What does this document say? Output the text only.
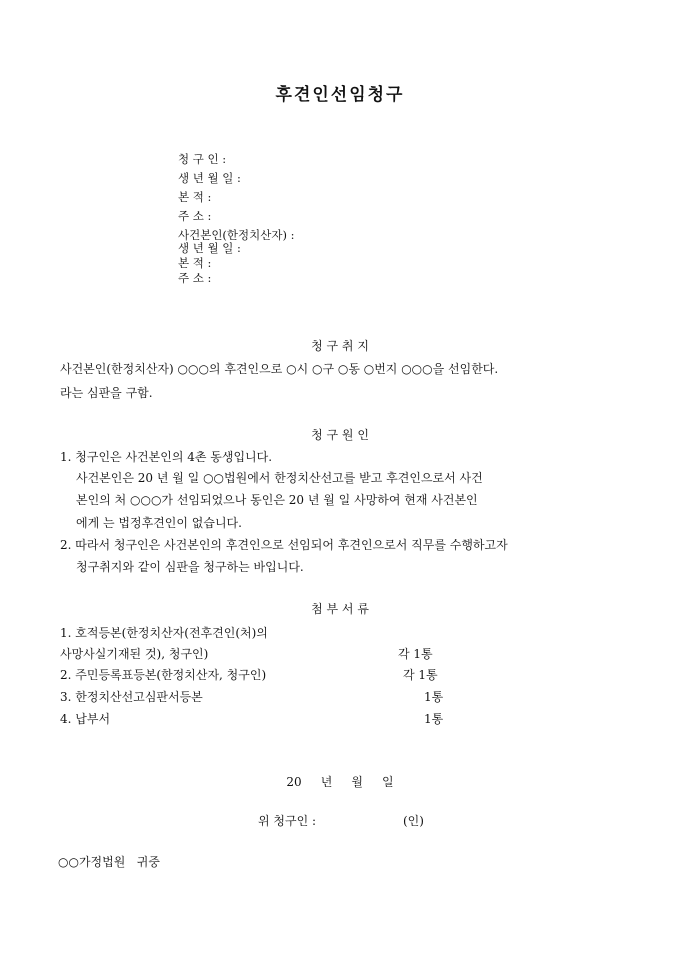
후견인선임청구
청 구 인 :
생 년 월 일 :
본 적 :
주 소 :
사건본인(한정치산자) :
생 년 월 일 :
본 적 :
주 소 :
청 구 취 지
사건본인(한정치산자) ○○○의 후견인으로 ○시 ○구 ○동 ○번지 ○○○을 선임한다.
라는 심판을 구함.
청 구 원 인
1. 청구인은 사건본인의 4촌 동생입니다.
사건본인은 20 년 월 일 ○○법원에서 한정치산선고를 받고 후견인으로서 사건
본인의 처 ○○○가 선임되었으나 동인은 20 년 월 일 사망하여 현재 사건본인
에게 는 법정후견인이 없습니다.
2. 따라서 청구인은 사건본인의 후견인으로 선임되어 후견인으로서 직무를 수행하고자
청구취지와 같이 심판을 청구하는 바입니다.
첨 부 서 류
1. 호적등본(한정치산자(전후견인(처)의
사망사실기재된 것), 청구인)	각 1통
2. 주민등록표등본(한정치산자, 청구인)	각 1통
3. 한정치산선고심판서등본	1통
4. 납부서	1통
20     년     월     일
위 청구인 :	(인)
○○가정법원   귀중
